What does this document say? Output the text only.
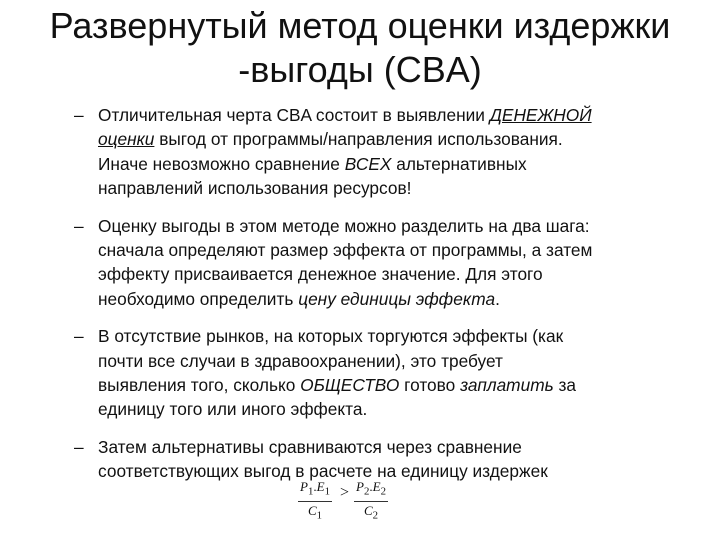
Развернутый метод оценки издержки
-выгоды (CBA)
– Отличительная черта CBA состоит в выявлении ДЕНЕЖНОЙ
оценки выгод от программы/направления использования.
Иначе невозможно сравнение ВСЕХ альтернативных
направлений использования ресурсов!
– Оценку выгоды в этом методе можно разделить на два шага:
сначала определяют размер эффекта от программы, а затем
эффекту присваивается денежное значение. Для этого
необходимо определить цену единицы эффекта.
– В отсутствие рынков, на которых торгуются эффекты (как
почти все случаи в здравоохранении), это требует
выявления того, сколько ОБЩЕСТВО готово заплатить за
единицу того или иного эффекта.
– Затем альтернативы сравниваются через сравнение
соответствующих выгод в расчете на единицу издержек
$\frac{P_1.E_1}{C_1} > \frac{P_2.E_2}{C_2}$
